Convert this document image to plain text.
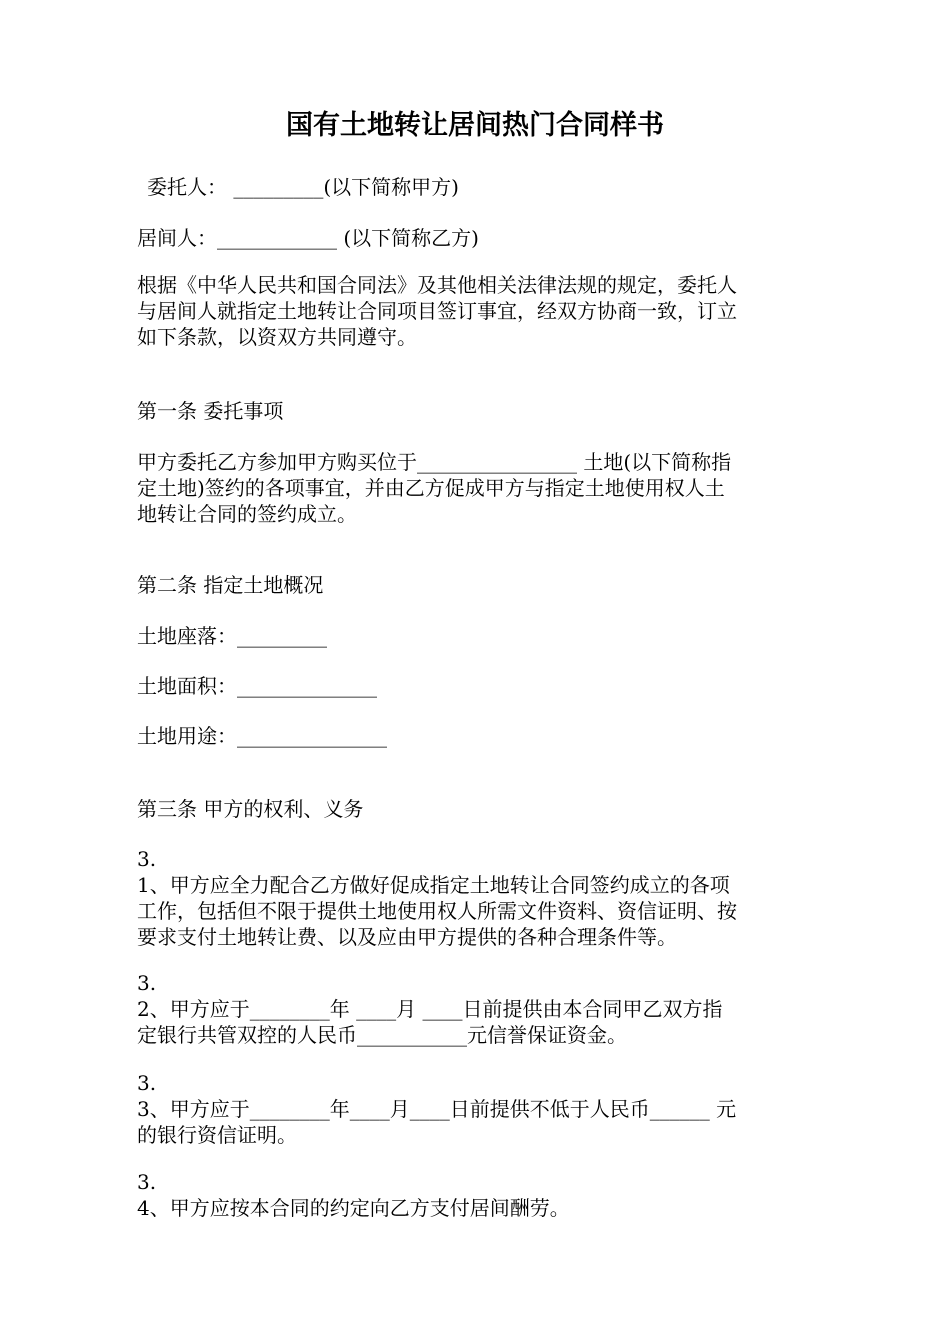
国有土地转让居间热门合同样书
委托人： _________(以下简称甲方)
居间人：____________ (以下简称乙方)
根据《中华人民共和国合同法》及其他相关法律法规的规定，委托人
与居间人就指定土地转让合同项目签订事宜，经双方协商一致，订立
如下条款，以资双方共同遵守。
第一条 委托事项
甲方委托乙方参加甲方购买位于________________ 土地(以下简称指
定土地)签约的各项事宜，并由乙方促成甲方与指定土地使用权人土
地转让合同的签约成立。
第二条 指定土地概况
土地座落：_________
土地面积：______________
土地用途：_______________
第三条 甲方的权利、义务
3.
1、甲方应全力配合乙方做好促成指定土地转让合同签约成立的各项
工作，包括但不限于提供土地使用权人所需文件资料、资信证明、按
要求支付土地转让费、以及应由甲方提供的各种合理条件等。
3.
2、甲方应于________年 ____月 ____日前提供由本合同甲乙双方指
定银行共管双控的人民币___________元信誉保证资金。
3.
3、甲方应于________年____月____日前提供不低于人民币______ 元
的银行资信证明。
3.
4、甲方应按本合同的约定向乙方支付居间酬劳。
